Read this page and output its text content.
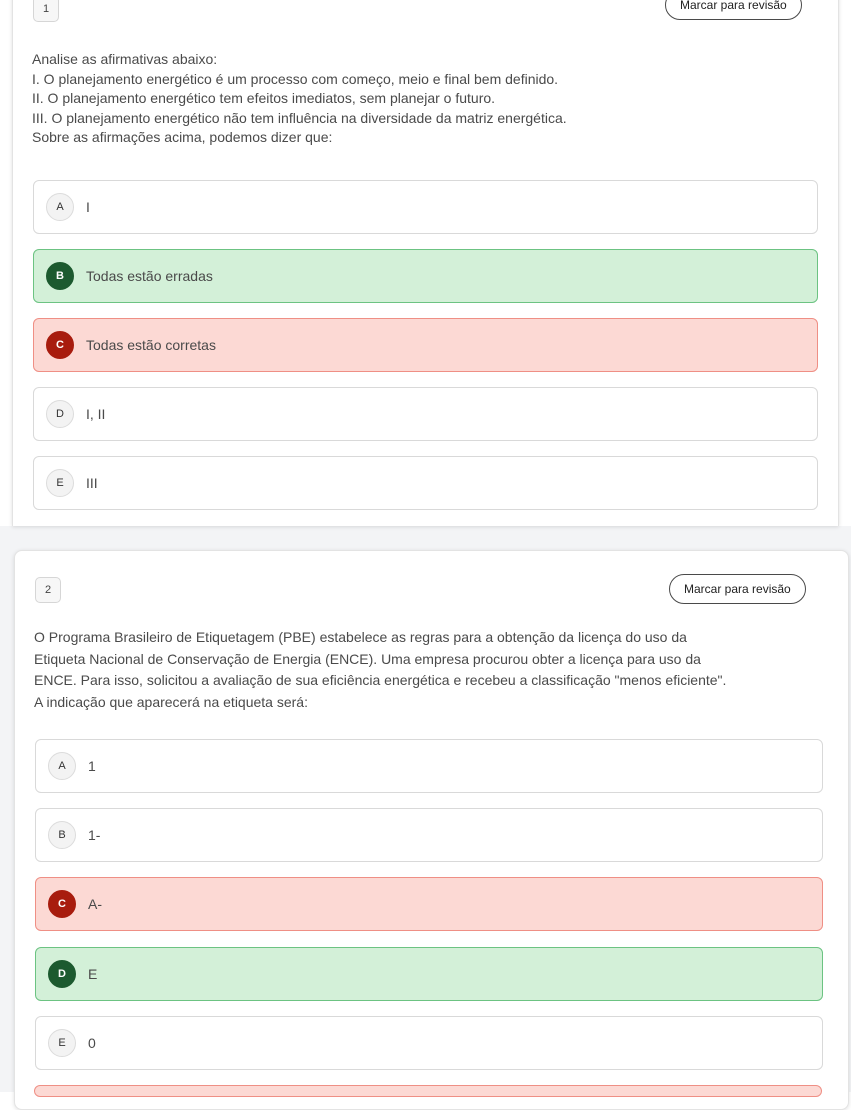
1	Marcar para revisão

Analise as afirmativas abaixo:

I. O planejamento energético é um processo com começo, meio e final bem definido.

II. O planejamento energético tem efeitos imediatos, sem planejar o futuro.

III. O planejamento energético não tem influência na diversidade da matriz energética.

Sobre as afirmações acima, podemos dizer que:

A	I
B	Todas estão erradas
C	Todas estão corretas
D	I, II
E	III
2	Marcar para revisão

O Programa Brasileiro de Etiquetagem (PBE) estabelece as regras para a obtenção da licença do uso da

Etiqueta Nacional de Conservação de Energia (ENCE). Uma empresa procurou obter a licença para uso da

ENCE. Para isso, solicitou a avaliação de sua eficiência energética e recebeu a classificação "menos eficiente".

A indicação que aparecerá na etiqueta será:

A	1
B	1-
C	A-
D	E
E	0
